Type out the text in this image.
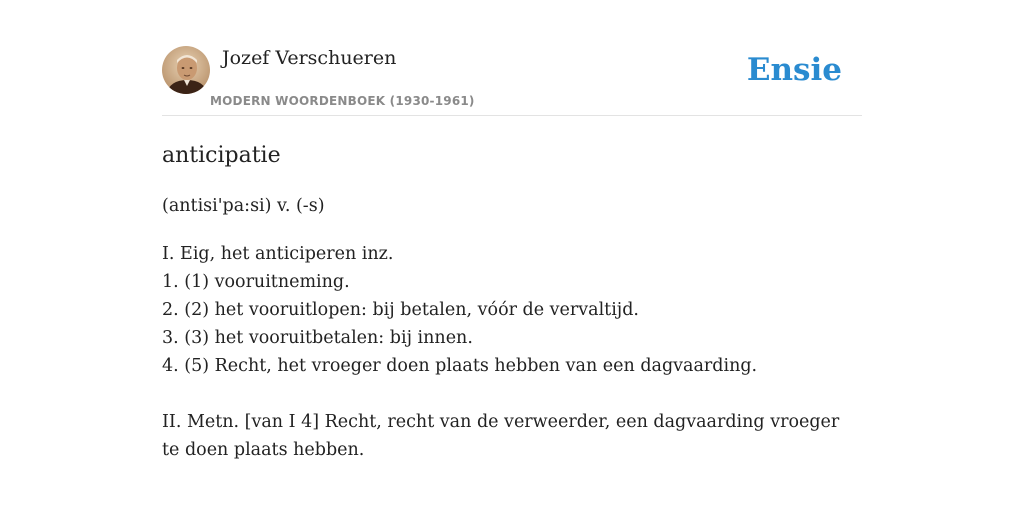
Jozef Verschueren
MODERN WOORDENBOEK (1930-1961)
Ensie
anticipatie
(antisi'pa:si) v. (-s)
I. Eig, het anticiperen inz.
1. (1) vooruitneming.
2. (2) het vooruitlopen: bij betalen, vóór de vervaltijd.
3. (3) het vooruitbetalen: bij innen.
4. (5) Recht, het vroeger doen plaats hebben van een dagvaarding.
II. Metn. [van I 4] Recht, recht van de verweerder, een dagvaarding vroeger te doen plaats hebben.
